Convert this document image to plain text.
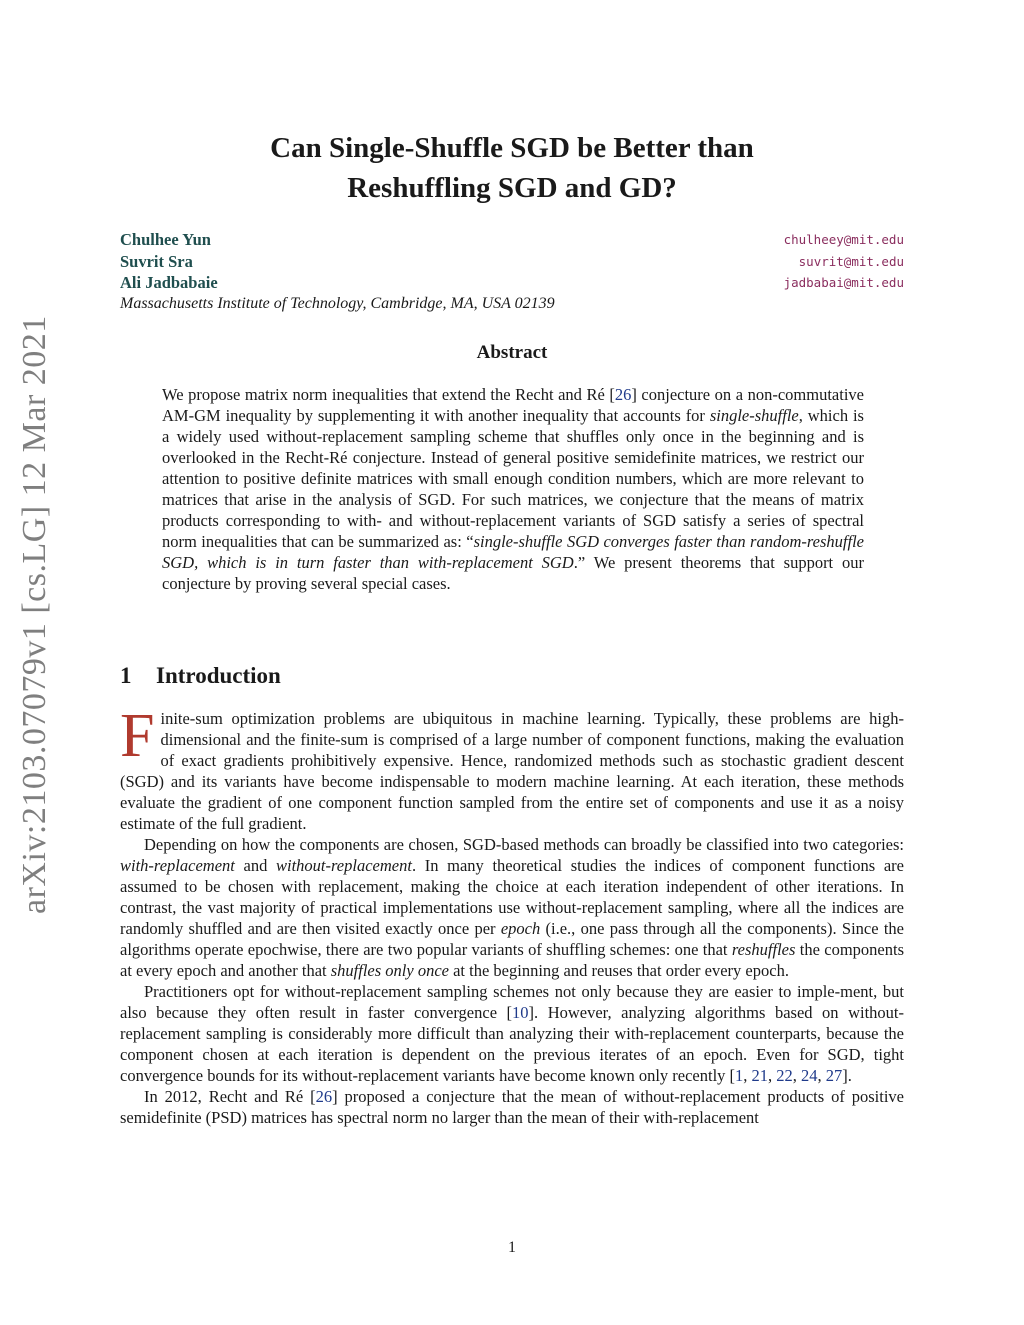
arXiv:2103.07079v1 [cs.LG] 12 Mar 2021
Can Single-Shuffle SGD be Better than
Reshuffling SGD and GD?
Chulhee Yun	chulheey@mit.edu
Suvrit Sra	suvrit@mit.edu
Ali Jadbabaie	jadbabai@mit.edu
Massachusetts Institute of Technology, Cambridge, MA, USA 02139
Abstract
We propose matrix norm inequalities that extend the Recht and Ré [26] conjecture on a non-commutative AM-GM inequality by supplementing it with another inequality that accounts for single-shuffle, which is a widely used without-replacement sampling scheme that shuffles only once in the beginning and is overlooked in the Recht-Ré conjecture. Instead of general positive semidefinite matrices, we restrict our attention to positive definite matrices with small enough condition numbers, which are more relevant to matrices that arise in the analysis of SGD. For such matrices, we conjecture that the means of matrix products corresponding to with- and without-replacement variants of SGD satisfy a series of spectral norm inequalities that can be summarized as: “single-shuffle SGD converges faster than random-reshuffle SGD, which is in turn faster than with-replacement SGD.” We present theorems that support our conjecture by proving several special cases.
1 Introduction

Finite-sum optimization problems are ubiquitous in machine learning. Typically, these problems are high-dimensional and the finite-sum is comprised of a large number of component functions, making the evaluation of exact gradients prohibitively expensive. Hence, randomized methods such as stochastic gradient descent (SGD) and its variants have become indispensable to modern machine learning. At each iteration, these methods evaluate the gradient of one component function sampled from the entire set of components and use it as a noisy estimate of the full gradient.

Depending on how the components are chosen, SGD-based methods can broadly be classified into two categories: with-replacement and without-replacement. In many theoretical studies the indices of component functions are assumed to be chosen with replacement, making the choice at each iteration independent of other iterations. In contrast, the vast majority of practical implementations use without-replacement sampling, where all the indices are randomly shuffled and are then visited exactly once per epoch (i.e., one pass through all the components). Since the algorithms operate epochwise, there are two popular variants of shuffling schemes: one that reshuffles the components at every epoch and another that shuffles only once at the beginning and reuses that order every epoch.

Practitioners opt for without-replacement sampling schemes not only because they are easier to imple-ment, but also because they often result in faster convergence [10]. However, analyzing algorithms based on without-replacement sampling is considerably more difficult than analyzing their with-replacement counterparts, because the component chosen at each iteration is dependent on the previous iterates of an epoch. Even for SGD, tight convergence bounds for its without-replacement variants have become known only recently [1, 21, 22, 24, 27].

In 2012, Recht and Ré [26] proposed a conjecture that the mean of without-replacement products of positive semidefinite (PSD) matrices has spectral norm no larger than the mean of their with-replacement

1
